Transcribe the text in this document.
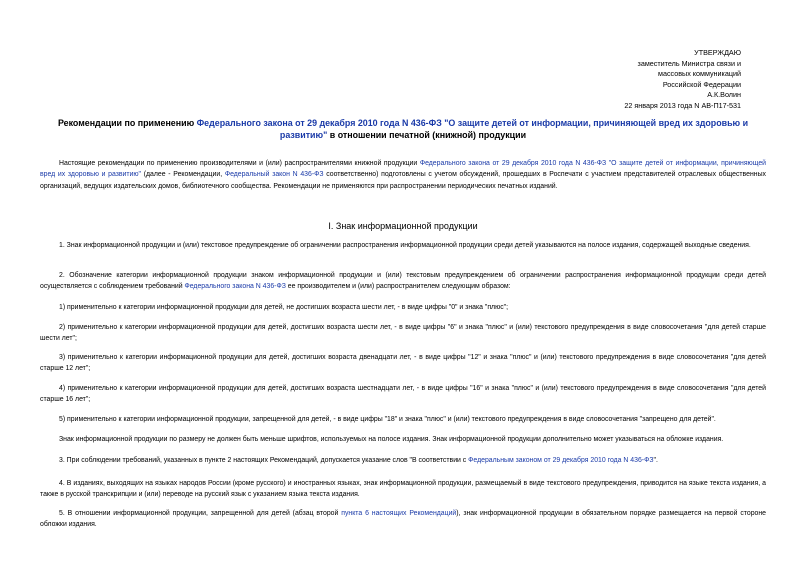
УТВЕРЖДАЮ
заместитель Министра связи и
массовых коммуникаций
Российской Федерации
А.К.Волин
22 января 2013 года N АВ-П17-531
Рекомендации по применению Федерального закона от 29 декабря 2010 года N 436-ФЗ "О защите детей от информации, причиняющей вред их здоровью и развитию" в отношении печатной (книжной) продукции
Настоящие рекомендации по применению производителями и (или) распространителями книжной продукции Федерального закона от 29 декабря 2010 года N 436-ФЗ "О защите детей от информации, причиняющей вред их здоровью и развитию" (далее - Рекомендации, Федеральный закон N 436-ФЗ соответственно) подготовлены с учетом обсуждений, прошедших в Роспечати с участием представителей отраслевых общественных организаций, ведущих издательских домов, библиотечного сообщества. Рекомендации не применяются при распространении периодических печатных изданий.
I. Знак информационной продукции
1. Знак информационной продукции и (или) текстовое предупреждение об ограничении распространения информационной продукции среди детей указываются на полосе издания, содержащей выходные сведения.
2. Обозначение категории информационной продукции знаком информационной продукции и (или) текстовым предупреждением об ограничении распространения информационной продукции среди детей осуществляется с соблюдением требований Федерального закона N 436-ФЗ ее производителем и (или) распространителем следующим образом:
1) применительно к категории информационной продукции для детей, не достигших возраста шести лет, - в виде цифры "0" и знака "плюс";
2) применительно к категории информационной продукции для детей, достигших возраста шести лет, - в виде цифры "6" и знака "плюс" и (или) текстового предупреждения в виде словосочетания "для детей старше шести лет";
3) применительно к категории информационной продукции для детей, достигших возраста двенадцати лет, - в виде цифры "12" и знака "плюс" и (или) текстового предупреждения в виде словосочетания "для детей старше 12 лет";
4) применительно к категории информационной продукции для детей, достигших возраста шестнадцати лет, - в виде цифры "16" и знака "плюс" и (или) текстового предупреждения в виде словосочетания "для детей старше 16 лет";
5) применительно к категории информационной продукции, запрещенной для детей, - в виде цифры "18" и знака "плюс" и (или) текстового предупреждения в виде словосочетания "запрещено для детей".
Знак информационной продукции по размеру не должен быть меньше шрифтов, используемых на полосе издания. Знак информационной продукции дополнительно может указываться на обложке издания.
3. При соблюдении требований, указанных в пункте 2 настоящих Рекомендаций, допускается указание слов "В соответствии с Федеральным законом от 29 декабря 2010 года N 436-ФЗ".
4. В изданиях, выходящих на языках народов России (кроме русского) и иностранных языках, знак информационной продукции, размещаемый в виде текстового предупреждения, приводится на языке текста издания, а также в русской транскрипции и (или) переводе на русский язык с указанием языка текста издания.
5. В отношении информационной продукции, запрещенной для детей (абзац второй пункта 6 настоящих Рекомендаций), знак информационной продукции в обязательном порядке размещается на первой стороне обложки издания.
